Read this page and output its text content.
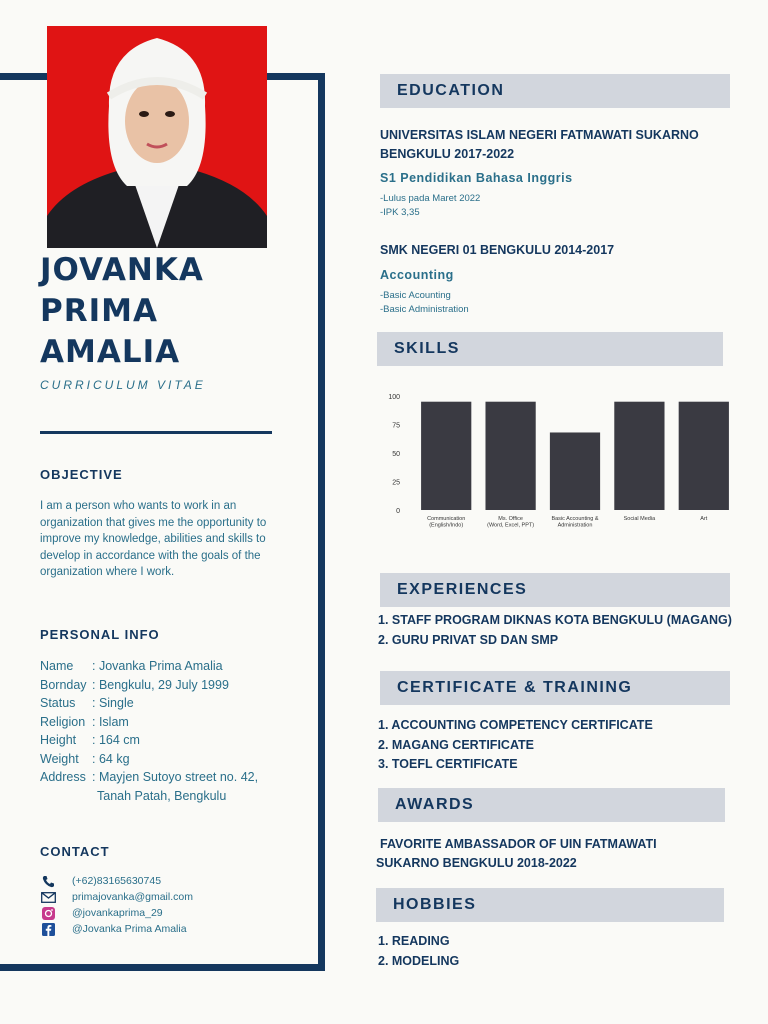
JOVANKA
PRIMA
AMALIA
CURRICULUM VITAE
OBJECTIVE
I am a person who wants to work in an organization that gives me the opportunity to improve my knowledge, abilities and skills to develop in accordance with the goals of the organization where I work.
PERSONAL INFO
Name	: Jovanka Prima Amalia
Bornday : Bengkulu, 29 July 1999
Status	: Single
Religion : Islam
Height	: 164 cm
Weight	: 64 kg
Address : Mayjen Sutoyo street no. 42,
Tanah Patah, Bengkulu
CONTACT
(+62)83165630745
primajovanka@gmail.com
@jovankaprima_29
@Jovanka Prima Amalia
EDUCATION
UNIVERSITAS ISLAM NEGERI FATMAWATI SUKARNO
BENGKULU 2017-2022
S1 Pendidikan Bahasa Inggris
-Lulus pada Maret 2022
-IPK 3,35
SMK NEGERI 01 BENGKULU 2014-2017
Accounting
-Basic Acounting
-Basic Administration
SKILLS
0
25
50
75
100
Communication
(English/Indo)
Ms. Office
(Word, Excel, PPT)
Basic Accounting &
Administration
Social Media	Art
EXPERIENCES
1. STAFF PROGRAM DIKNAS KOTA BENGKULU (MAGANG)
2. GURU PRIVAT SD DAN SMP
CERTIFICATE & TRAINING
1. ACCOUNTING COMPETENCY CERTIFICATE
2. MAGANG CERTIFICATE
3. TOEFL CERTIFICATE
AWARDS
FAVORITE AMBASSADOR OF UIN FATMAWATI
SUKARNO BENGKULU 2018-2022
HOBBIES
1. READING
2. MODELING
